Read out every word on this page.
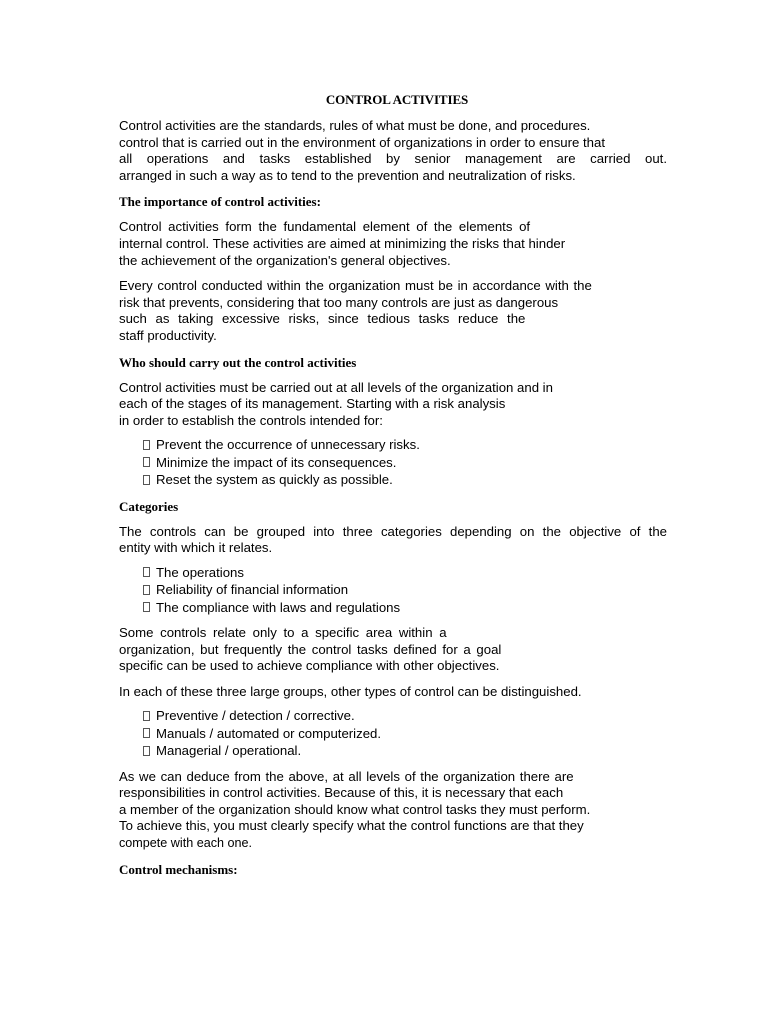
CONTROL ACTIVITIES
Control activities are the standards, rules of what must be done, and procedures.
control that is carried out in the environment of organizations in order to ensure that
all operations and tasks established by senior management are carried out.
arranged in such a way as to tend to the prevention and neutralization of risks.
The importance of control activities:
Control activities form the fundamental element of the elements of
internal control. These activities are aimed at minimizing the risks that hinder
the achievement of the organization's general objectives.
Every control conducted within the organization must be in accordance with the
risk that prevents, considering that too many controls are just as dangerous
such as taking excessive risks, since tedious tasks reduce the
staff productivity.
Who should carry out the control activities
Control activities must be carried out at all levels of the organization and in
each of the stages of its management. Starting with a risk analysis
in order to establish the controls intended for:
Prevent the occurrence of unnecessary risks.
Minimize the impact of its consequences.
Reset the system as quickly as possible.
Categories
The controls can be grouped into three categories depending on the objective of the
entity with which it relates.
The operations
Reliability of financial information
The compliance with laws and regulations
Some controls relate only to a specific area within a
organization, but frequently the control tasks defined for a goal
specific can be used to achieve compliance with other objectives.
In each of these three large groups, other types of control can be distinguished.
Preventive / detection / corrective.
Manuals / automated or computerized.
Managerial / operational.
As we can deduce from the above, at all levels of the organization there are
responsibilities in control activities. Because of this, it is necessary that each
a member of the organization should know what control tasks they must perform.
To achieve this, you must clearly specify what the control functions are that they
compete with each one.
Control mechanisms:
